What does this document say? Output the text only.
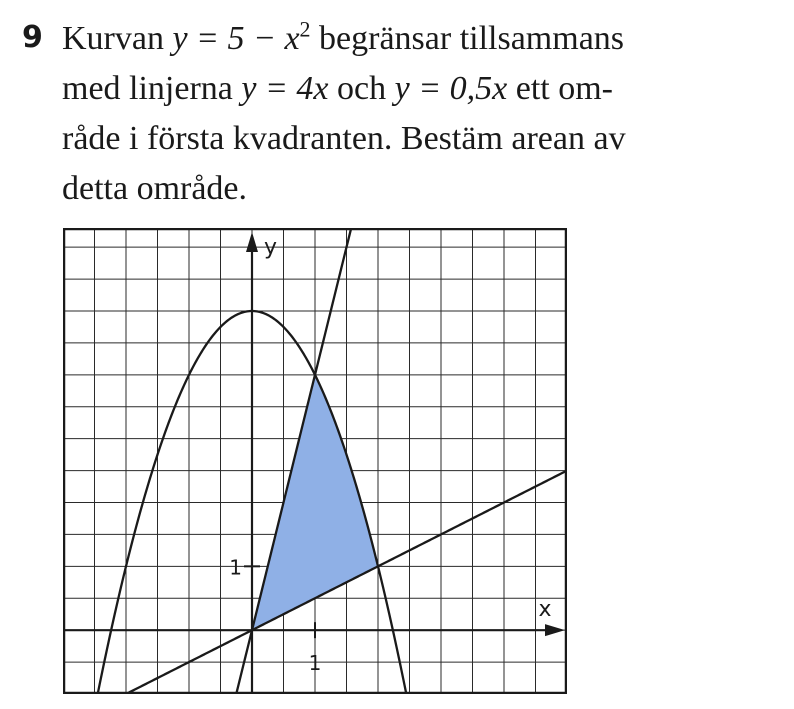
9 Kurvan $y = 5 - x^2$ begränsar tillsammans
med linjerna y = 4x och y = 0,5x ett om-
råde i första kvadranten. Bestäm arean av
detta område.
1
1
x
y
